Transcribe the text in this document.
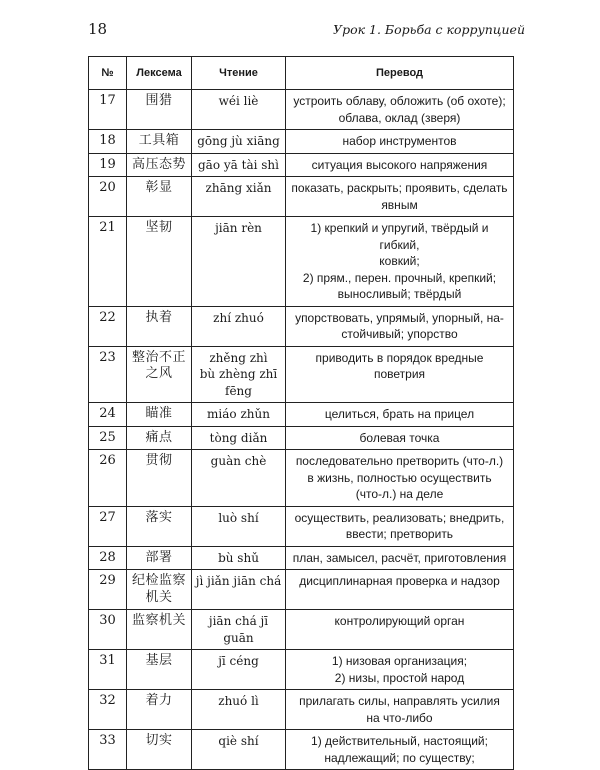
18	Урок 1. Борьба с коррупцией
№	Лексема	Чтение	Перевод
17	围猎	wéi liè	устроить облаву, обложить (об охоте);
облава, оклад (зверя)

18	工具箱	gōng jù xiāng	набор инструментов

19	高压态势	gāo yā tài shì	ситуация высокого напряжения

20	彰显	zhāng xiǎn	показать, раскрыть; проявить, сделать
явным

21	坚韧	jiān rèn	1) крепкий и упругий, твёрдый и гибкий,
ковкий;
2) прям., перен. прочный, крепкий;
выносливый; твёрдый

22	执着	zhí zhuó	упорствовать, упрямый, упорный, на-
стойчивый; упорство

23	整治不正​之风	zhěng zhì bù zhèng zhī fēng	приводить в порядок вредные поветрия

24	瞄准	miáo zhǔn	целиться, брать на прицел

25	痛点	tòng diǎn	болевая точка

26	贯彻	guàn chè	последовательно претворить (что-л.)
в жизнь, полностью осуществить
(что-л.) на деле

27	落实	luò shí	осуществить, реализовать; внедрить,
ввести; претворить

28	部署	bù shǔ	план, замысел, расчёт, приготовления

29	纪检监察​机关	jì jiǎn jiān chá	дисциплинарная проверка и надзор

30	监察机关	jiān chá jī guān	контролирующий орган

31	基层	jī céng	1) низовая организация;
2) низы, простой народ

32	着力	zhuó lì	прилагать силы, направлять усилия
на что-либо

33	切实	qiè shí	1) действительный, настоящий;
надлежащий; по существу;
